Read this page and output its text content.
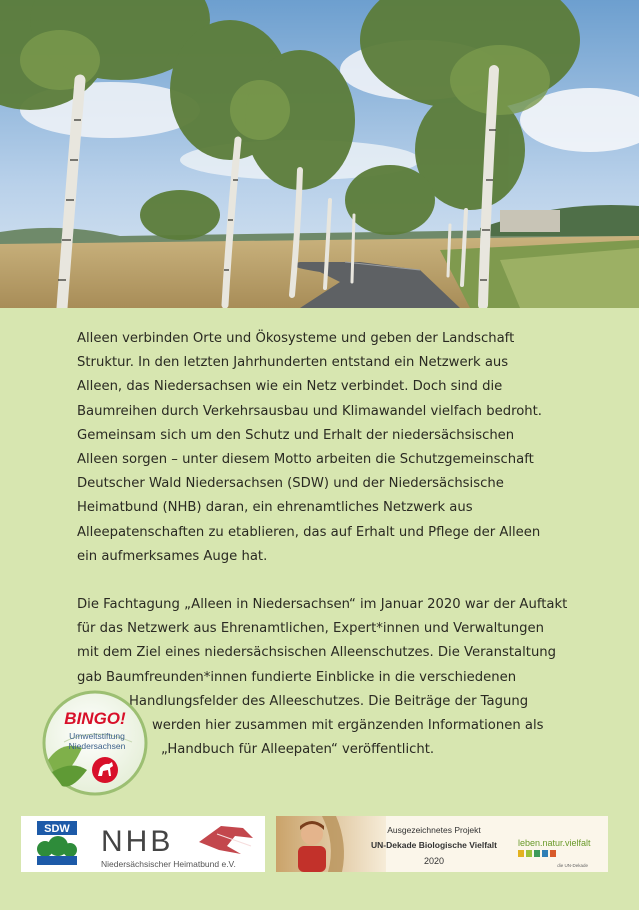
Alleen verbinden Orte und Ökosysteme und geben der Landschaft Struktur. In den letzten Jahrhunderten entstand ein Netzwerk aus Alleen, das Niedersachsen wie ein Netz verbindet. Doch sind die Baumreihen durch Verkehrsausbau und Klimawandel vielfach bedroht. Gemeinsam sich um den Schutz und Erhalt der niedersächsischen Alleen sorgen – unter diesem Motto arbeiten die Schutzgemeinschaft Deutscher Wald Niedersachsen (SDW) und der Niedersächsische Heimatbund (NHB) daran, ein ehrenamtliches Netzwerk aus Alleepatenschaften zu etablieren, das auf Erhalt und Pflege der Alleen ein aufmerksames Auge hat.

Die Fachtagung „Alleen in Niedersachsen“ im Januar 2020 war der Auftakt
für das Netzwerk aus Ehrenamtlichen, Expert*innen und Verwaltungen
mit dem Ziel eines niedersächsischen Alleenschutzes. Die Veranstaltung
gab Baumfreunden*innen fundierte Einblicke in die verschiedenen
Handlungsfelder des Alleeschutzes. Die Beiträge der Tagung
werden hier zusammen mit ergänzenden Informationen als
„Handbuch für Alleepaten“ veröffentlicht.

BINGO!
Umweltstiftung
Niedersachsen
SDW NHB
Niedersächsischer Heimatbund e.V.
Ausgezeichnetes Projekt
UN-Dekade Biologische Vielfalt
2020
leben.natur.vielfalt
die UN-Dekade
